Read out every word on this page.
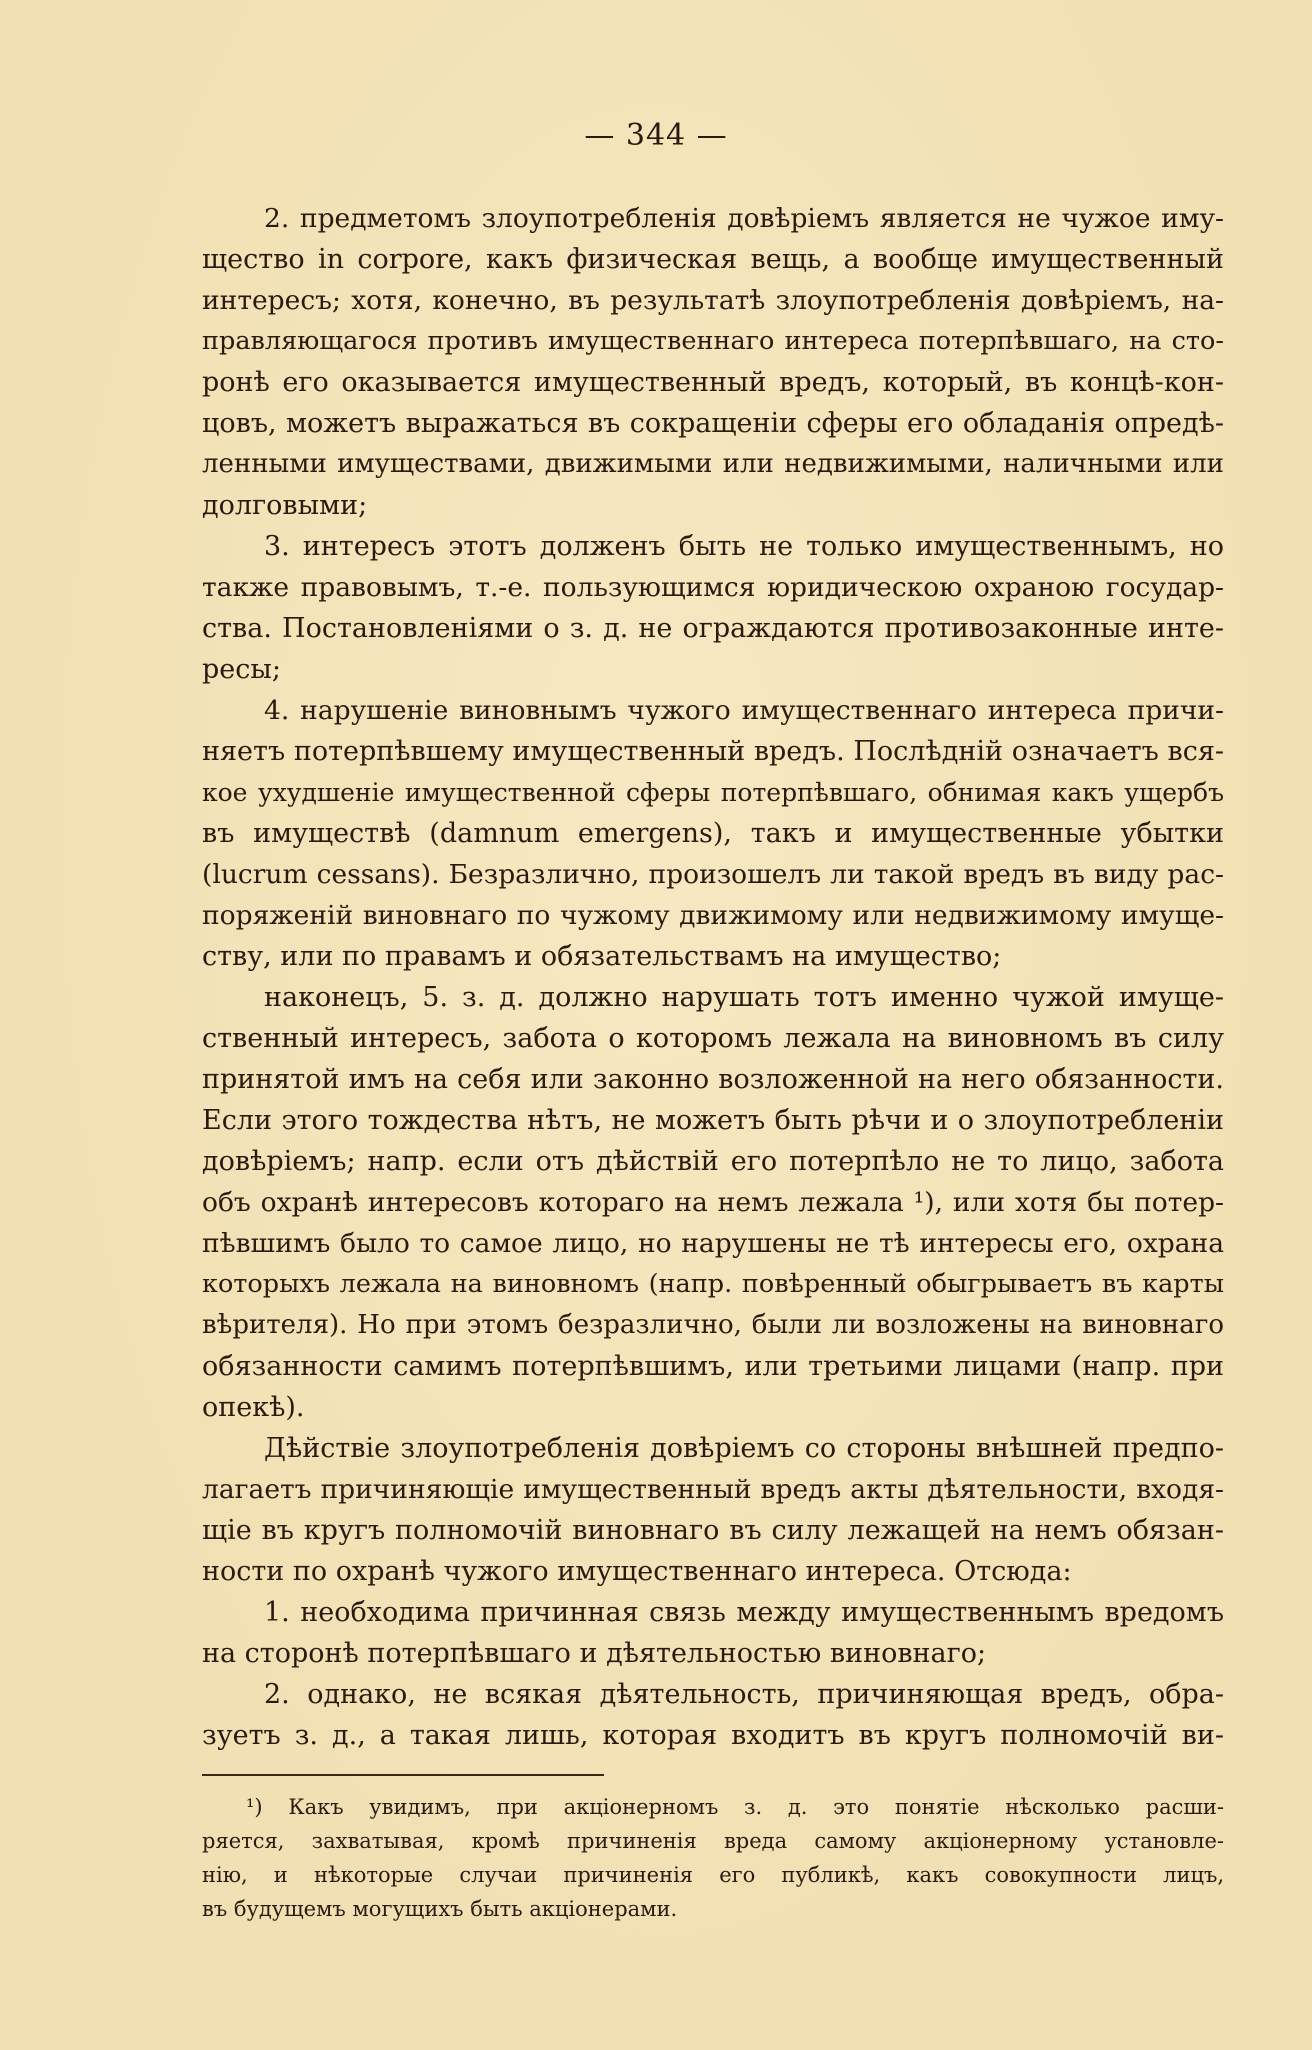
— 344 —
2. предметомъ злоупотребленія довѣріемъ является не чужое иму-
щество in corpore, какъ физическая вещь, а вообще имущественный
интересъ; хотя, конечно, въ результатѣ злоупотребленія довѣріемъ, на-
правляющагося противъ имущественнаго интереса потерпѣвшаго, на сто-
ронѣ его оказывается имущественный вредъ, который, въ концѣ-кон-
цовъ, можетъ выражаться въ сокращеніи сферы его обладанія опредѣ-
ленными имуществами, движимыми или недвижимыми, наличными или
долговыми;
3. интересъ этотъ долженъ быть не только имущественнымъ, но
также правовымъ, т.-е. пользующимся юридическою охраною государ-
ства. Постановленіями о з. д. не ограждаются противозаконные инте-
ресы;
4. нарушеніе виновнымъ чужого имущественнаго интереса причи-
няетъ потерпѣвшему имущественный вредъ. Послѣдній означаетъ вся-
кое ухудшеніе имущественной сферы потерпѣвшаго, обнимая какъ ущербъ
въ имуществѣ (damnum emergens), такъ и имущественные убытки
(lucrum cessans). Безразлично, произошелъ ли такой вредъ въ виду рас-
поряженій виновнаго по чужому движимому или недвижимому имуще-
ству, или по правамъ и обязательствамъ на имущество;
наконецъ, 5. з. д. должно нарушать тотъ именно чужой имуще-
ственный интересъ, забота о которомъ лежала на виновномъ въ силу
принятой имъ на себя или законно возложенной на него обязанности.
Если этого тождества нѣтъ, не можетъ быть рѣчи и о злоупотребленіи
довѣріемъ; напр. если отъ дѣйствій его потерпѣло не то лицо, забота
объ охранѣ интересовъ котораго на немъ лежала ¹), или хотя бы потер-
пѣвшимъ было то самое лицо, но нарушены не тѣ интересы его, охрана
которыхъ лежала на виновномъ (напр. повѣренный обыгрываетъ въ карты
вѣрителя). Но при этомъ безразлично, были ли возложены на виновнаго
обязанности самимъ потерпѣвшимъ, или третьими лицами (напр. при
опекѣ).
Дѣйствіе злоупотребленія довѣріемъ со стороны внѣшней предпо-
лагаетъ причиняющіе имущественный вредъ акты дѣятельности, входя-
щіе въ кругъ полномочій виновнаго въ силу лежащей на немъ обязан-
ности по охранѣ чужого имущественнаго интереса. Отсюда:
1. необходима причинная связь между имущественнымъ вредомъ
на сторонѣ потерпѣвшаго и дѣятельностью виновнаго;
2. однако, не всякая дѣятельность, причиняющая вредъ, обра-
зуетъ з. д., а такая лишь, которая входитъ въ кругъ полномочій ви-
¹) Какъ увидимъ, при акціонерномъ з. д. это понятіе нѣсколько расши-
ряется, захватывая, кромѣ причиненія вреда самому акціонерному установле-
нію, и нѣкоторые случаи причиненія его публикѣ, какъ совокупности лицъ,
въ будущемъ могущихъ быть акціонерами.
